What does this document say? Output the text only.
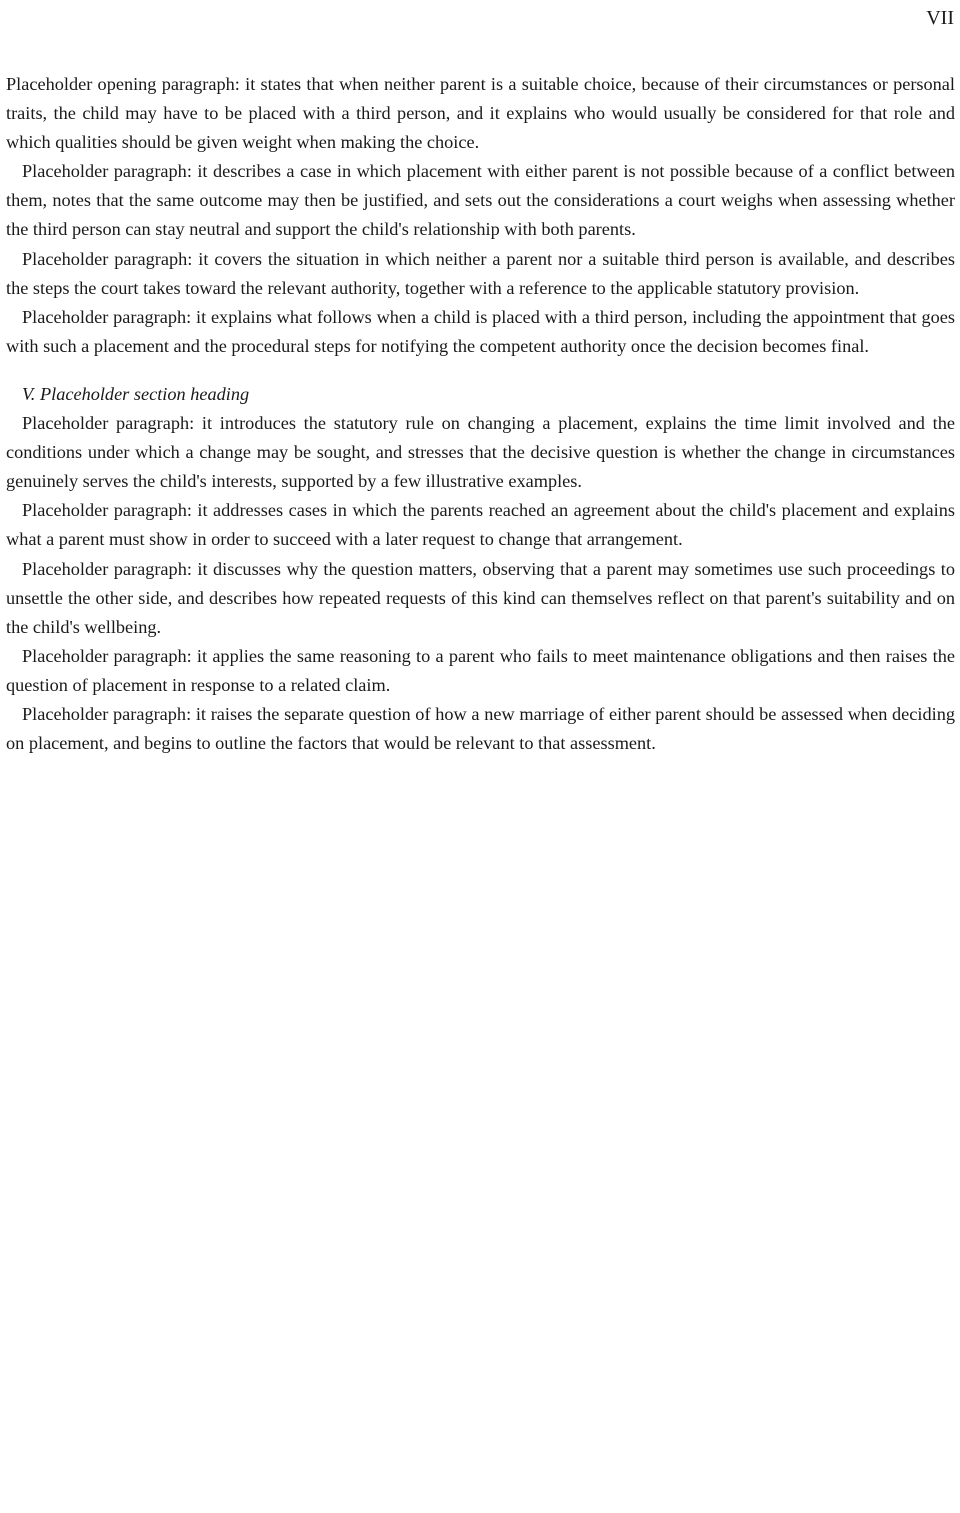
VII

Placeholder opening paragraph: it states that when neither parent is a suitable choice, because of their circumstances or personal traits, the child may have to be placed with a third person, and it explains who would usually be considered for that role and which qualities should be given weight when making the choice.

Placeholder paragraph: it describes a case in which placement with either parent is not possible because of a conflict between them, notes that the same outcome may then be justified, and sets out the considerations a court weighs when assessing whether the third person can stay neutral and support the child's relationship with both parents.

Placeholder paragraph: it covers the situation in which neither a parent nor a suitable third person is available, and describes the steps the court takes toward the relevant authority, together with a reference to the applicable statutory provision.

Placeholder paragraph: it explains what follows when a child is placed with a third person, including the appointment that goes with such a placement and the procedural steps for notifying the competent authority once the decision becomes final.

V. Placeholder section heading

Placeholder paragraph: it introduces the statutory rule on changing a placement, explains the time limit involved and the conditions under which a change may be sought, and stresses that the decisive question is whether the change in circumstances genuinely serves the child's interests, supported by a few illustrative examples.

Placeholder paragraph: it addresses cases in which the parents reached an agreement about the child's placement and explains what a parent must show in order to succeed with a later request to change that arrangement.

Placeholder paragraph: it discusses why the question matters, observing that a parent may sometimes use such proceedings to unsettle the other side, and describes how repeated requests of this kind can themselves reflect on that parent's suitability and on the child's wellbeing.

Placeholder paragraph: it applies the same reasoning to a parent who fails to meet maintenance obligations and then raises the question of placement in response to a related claim.

Placeholder paragraph: it raises the separate question of how a new marriage of either parent should be assessed when deciding on placement, and begins to outline the factors that would be relevant to that assessment.
